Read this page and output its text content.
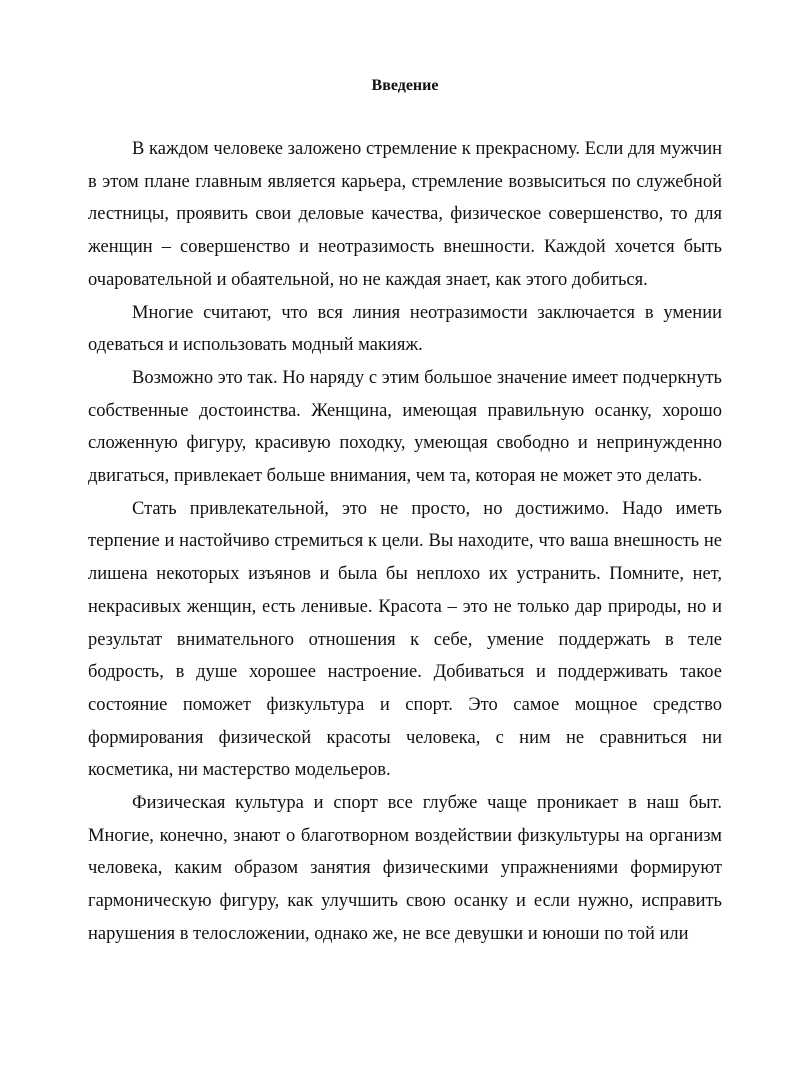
Введение

В каждом человеке заложено стремление к прекрасному. Если для мужчин в этом плане главным является карьера, стремление возвыситься по служебной лестницы, проявить свои деловые качества, физическое совершенство, то для женщин – совершенство и неотразимость внешности. Каждой хочется быть очаровательной и обаятельной, но не каждая знает, как этого добиться.

Многие считают, что вся линия неотразимости заключается в умении одеваться и использовать модный макияж.

Возможно это так. Но наряду с этим большое значение имеет подчеркнуть собственные достоинства. Женщина, имеющая правильную осанку, хорошо сложенную фигуру, красивую походку, умеющая свободно и непринужденно двигаться, привлекает больше внимания, чем та, которая не может это делать.

Стать привлекательной, это не просто, но достижимо. Надо иметь терпение и настойчиво стремиться к цели. Вы находите, что ваша внешность не лишена некоторых изъянов и была бы неплохо их устранить. Помните, нет, некрасивых женщин, есть ленивые. Красота – это не только дар природы, но и результат внимательного отношения к себе, умение поддержать в теле бодрость, в душе хорошее настроение. Добиваться и поддерживать такое состояние поможет физкультура и спорт. Это самое мощное средство формирования физической красоты человека, с ним не сравниться ни косметика, ни мастерство модельеров.

Физическая культура и спорт все глубже чаще проникает в наш быт. Многие, конечно, знают о благотворном воздействии физкультуры на организм человека, каким образом занятия физическими упражнениями формируют гармоническую фигуру, как улучшить свою осанку и если нужно, исправить нарушения в телосложении, однако же, не все девушки и юноши по той или
